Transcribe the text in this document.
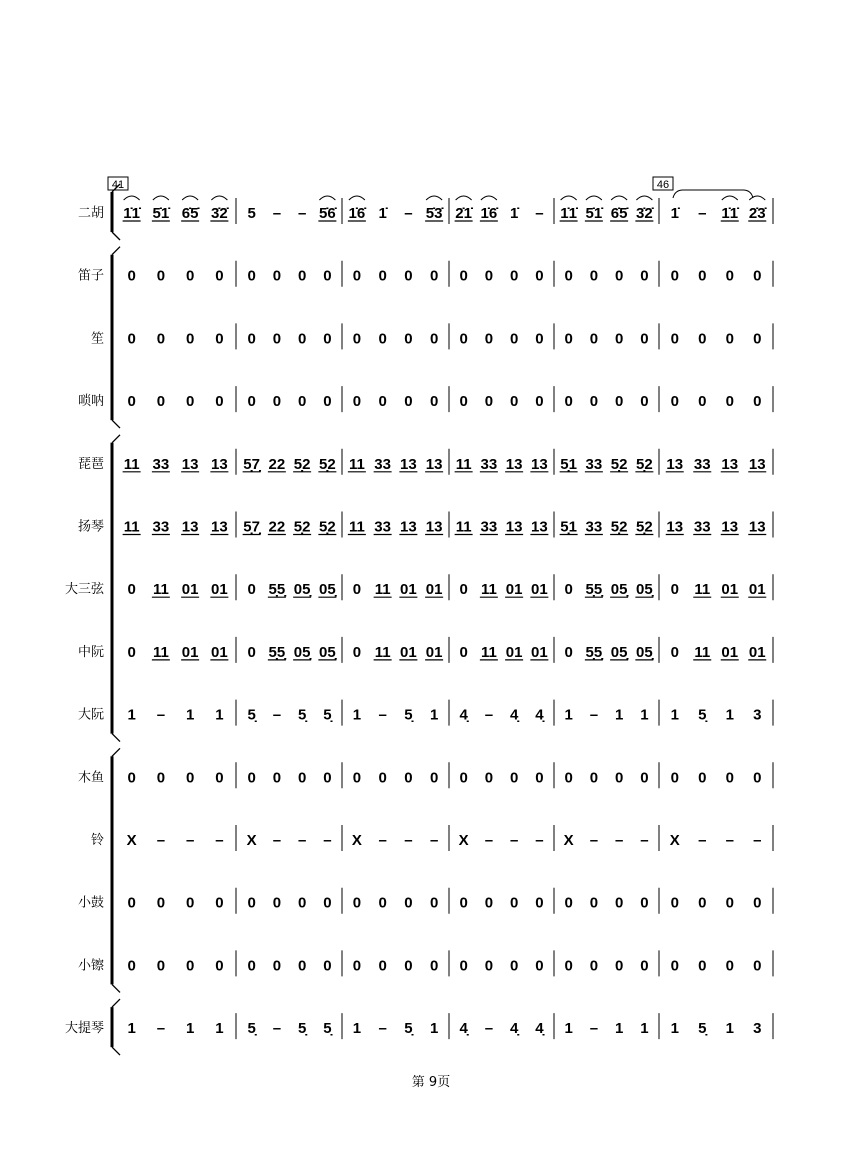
41	46
二胡 1̇1̇ 5̇1̇ 6̇5̇ 3̇2̇ 5 – – 5̇6̇ 1̇6̇ 1̇ – 5̇3̇ 2̇1̇ 1̇6̇ 1̇ – 1̇1̇ 5̇1̇ 6̇5̇ 3̇2̇ 1̇ – 1̇1̇ 2̇3̇
笛子 0 0 0 0 0 0 0 0 0 0 0 0 0 0 0 0 0 0 0 0 0 0 0 0
笙 0 0 0 0 0 0 0 0 0 0 0 0 0 0 0 0 0 0 0 0 0 0 0 0
唢呐 0 0 0 0 0 0 0 0 0 0 0 0 0 0 0 0 0 0 0 0 0 0 0 0
琵琶 11 33 13 13 5̣7̣ 22 5̣2 5̣2 11 33 13 13 11 33 13 13 5̣1 33 5̣2 5̣2 13 33 13 13
扬琴 11 33 13 13 5̣7̣ 22 5̣2 5̣2 11 33 13 13 11 33 13 13 5̣1 33 5̣2 5̣2 13 33 13 13
大三弦 0 11 01 01 0 5̣5̣ 05̣ 05̣ 0 11 01 01 0 11 01 01 0 5̣5̣ 05̣ 05̣ 0 11 01 01
中阮 0 11 01 01 0 5̣5̣ 05̣ 05̣ 0 11 01 01 0 11 01 01 0 5̣5̣ 05̣ 05̣ 0 11 01 01
大阮 1 – 1 1 5̣ – 5̣ 5̣ 1 – 5̣ 1 4̣ – 4̣ 4̣ 1 – 1 1 1 5̣ 1 3
木鱼 0 0 0 0 0 0 0 0 0 0 0 0 0 0 0 0 0 0 0 0 0 0 0 0
铃 X – – – X – – – X – – – X – – – X – – – X – – –
小鼓 0 0 0 0 0 0 0 0 0 0 0 0 0 0 0 0 0 0 0 0 0 0 0 0
小镲 0 0 0 0 0 0 0 0 0 0 0 0 0 0 0 0 0 0 0 0 0 0 0 0
大提琴 1 – 1 1 5̣ – 5̣ 5̣ 1 – 5̣ 1 4̣ – 4̣ 4̣ 1 – 1 1 1 5̣ 1 3
第 9页
